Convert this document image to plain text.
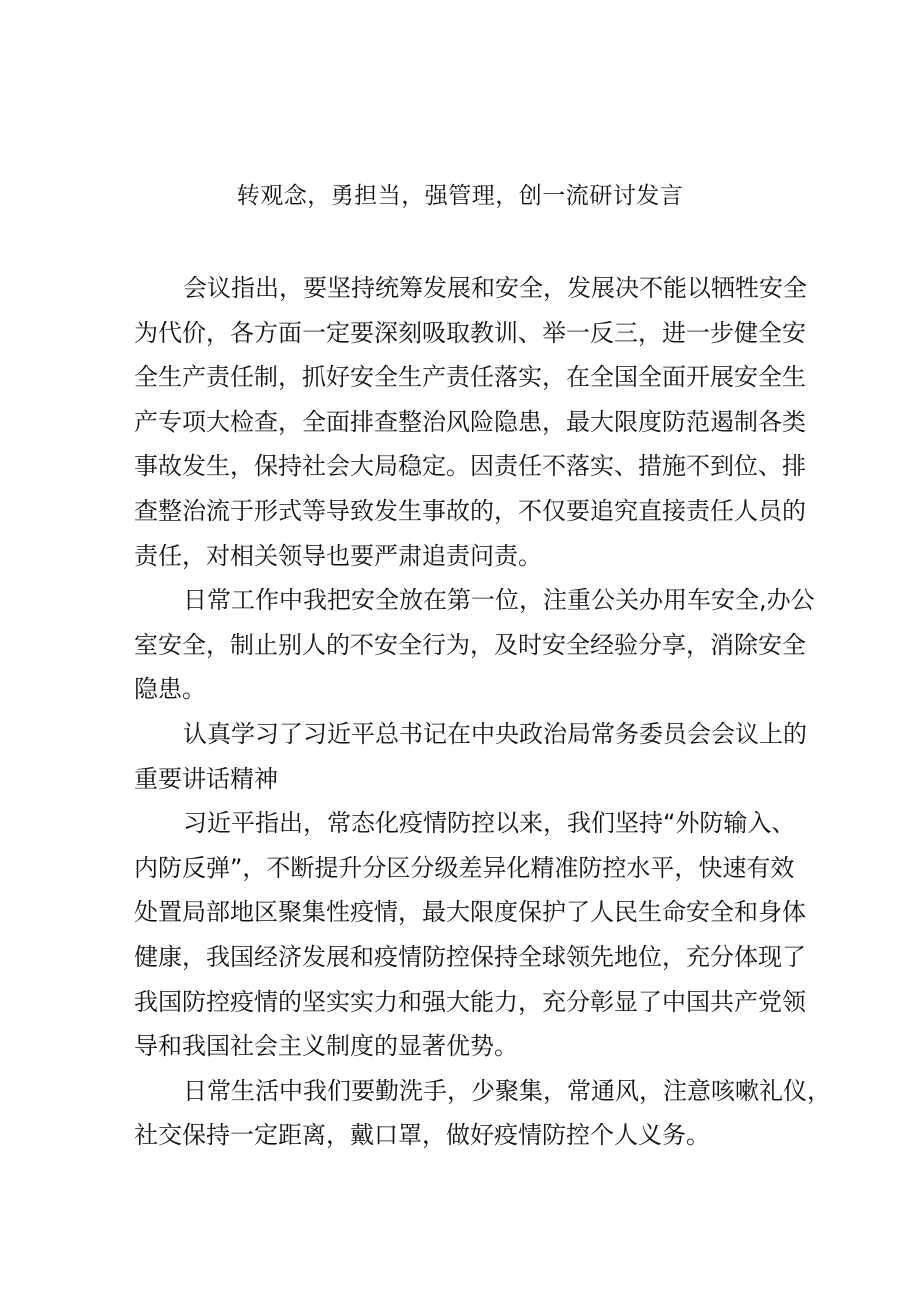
转观念，勇担当，强管理，创一流研讨发言
会议指出，要坚持统筹发展和安全，发展决不能以牺牲安全
为代价，各方面一定要深刻吸取教训、举一反三，进一步健全安
全生产责任制，抓好安全生产责任落实，在全国全面开展安全生
产专项大检查，全面排查整治风险隐患，最大限度防范遏制各类
事故发生，保持社会大局稳定。因责任不落实、措施不到位、排
查整治流于形式等导致发生事故的，不仅要追究直接责任人员的
责任，对相关领导也要严肃追责问责。
日常工作中我把安全放在第一位，注重公关办用车安全,办公
室安全，制止别人的不安全行为，及时安全经验分享，消除安全
隐患。
认真学习了习近平总书记在中央政治局常务委员会会议上的
重要讲话精神
习近平指出，常态化疫情防控以来，我们坚持“外防输入、
内防反弹”，不断提升分区分级差异化精准防控水平，快速有效
处置局部地区聚集性疫情，最大限度保护了人民生命安全和身体
健康，我国经济发展和疫情防控保持全球领先地位，充分体现了
我国防控疫情的坚实实力和强大能力，充分彰显了中国共产党领
导和我国社会主义制度的显著优势。
日常生活中我们要勤洗手，少聚集，常通风，注意咳嗽礼仪，
社交保持一定距离，戴口罩，做好疫情防控个人义务。
